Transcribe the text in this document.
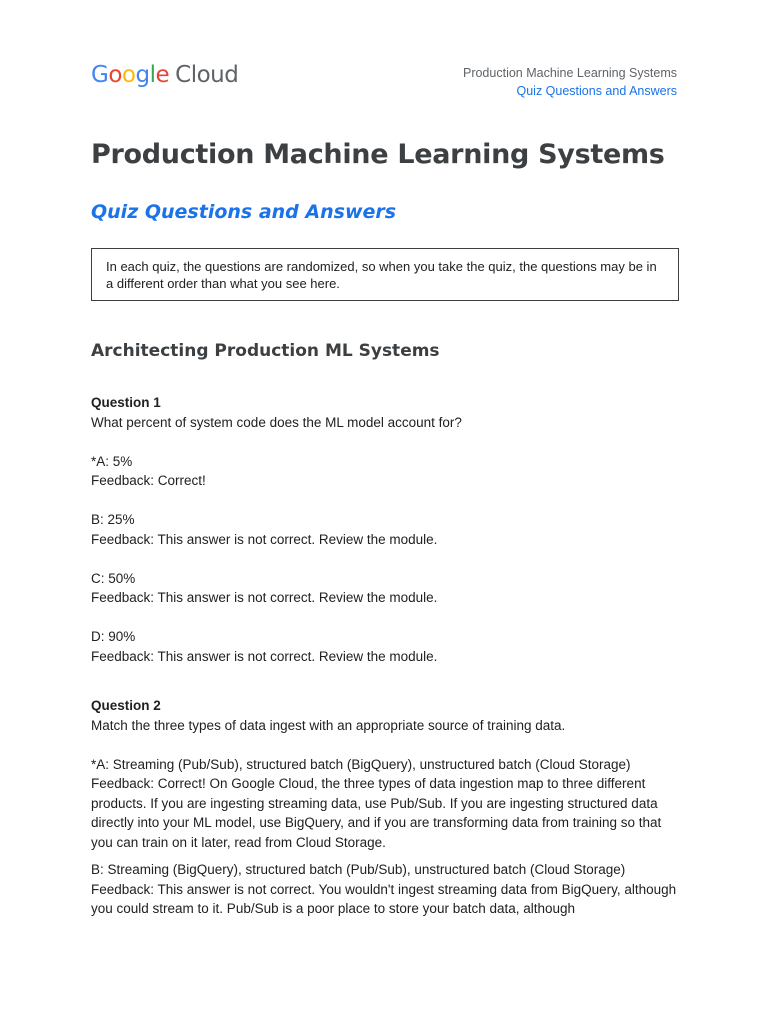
Google Cloud	Production Machine Learning Systems
Quiz Questions and Answers
Production Machine Learning Systems
Quiz Questions and Answers
In each quiz, the questions are randomized, so when you take the quiz, the questions may be in a different order than what you see here.
Architecting Production ML Systems

Question 1

What percent of system code does the ML model account for?

*A: 5%

Feedback: Correct!

B: 25%

Feedback: This answer is not correct. Review the module.

C: 50%

Feedback: This answer is not correct. Review the module.

D: 90%

Feedback: This answer is not correct. Review the module.

Question 2

Match the three types of data ingest with an appropriate source of training data.

*A: Streaming (Pub/Sub), structured batch (BigQuery), unstructured batch (Cloud Storage)

Feedback: Correct! On Google Cloud, the three types of data ingestion map to three different products. If you are ingesting streaming data, use Pub/Sub. If you are ingesting structured data directly into your ML model, use BigQuery, and if you are transforming data from training so that you can train on it later, read from Cloud Storage.

B: Streaming (BigQuery), structured batch (Pub/Sub), unstructured batch (Cloud Storage)

Feedback: This answer is not correct. You wouldn't ingest streaming data from BigQuery, although you could stream to it. Pub/Sub is a poor place to store your batch data, although
